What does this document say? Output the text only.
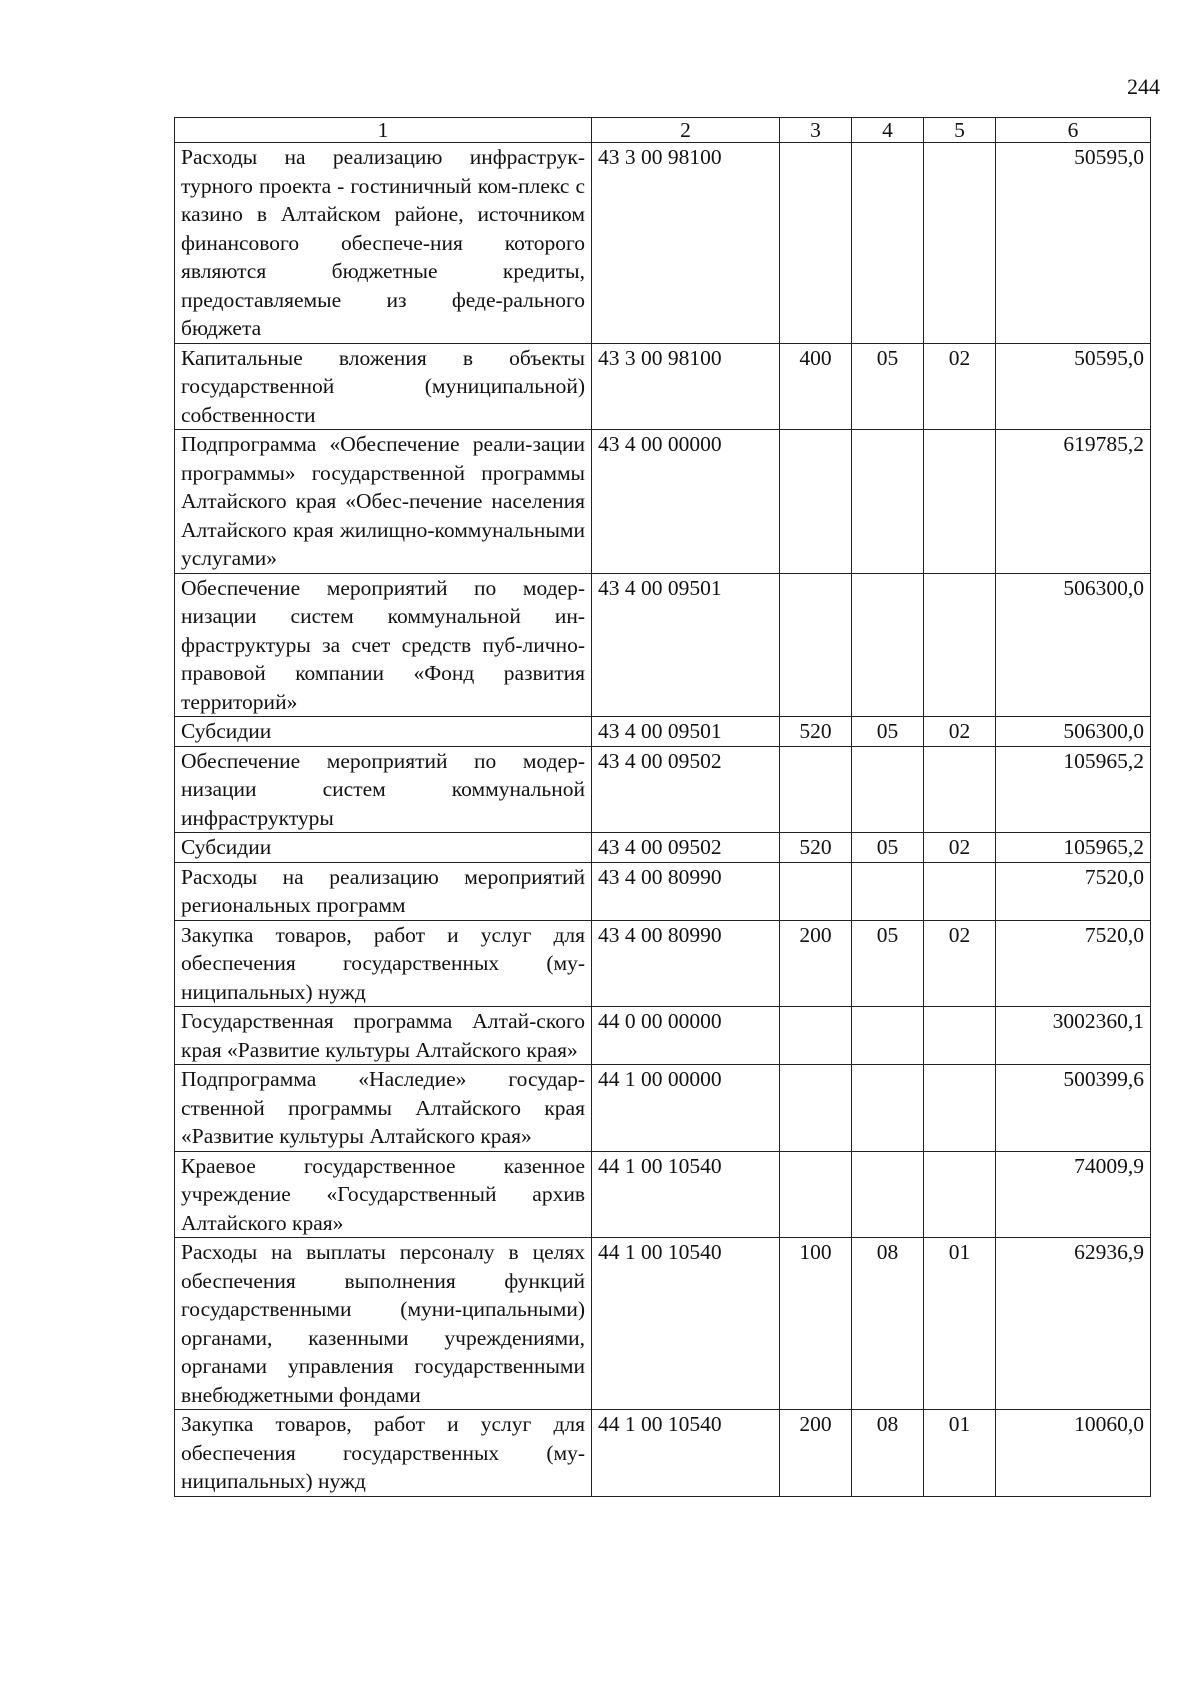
244
1	2	3	4	5	6
Расходы на реализацию инфраструк-турного проекта - гостиничный ком-плекс с казино в Алтайском районе, источником финансового обеспече-ния которого являются бюджетные кредиты, предоставляемые из феде-рального бюджета	43 3 00 98100				50595,0
Капитальные вложения в объекты государственной (муниципальной) собственности	43 3 00 98100	400	05	02	50595,0
Подпрограмма «Обеспечение реали-зации программы» государственной программы Алтайского края «Обес-печение населения Алтайского края жилищно-коммунальными услугами»	43 4 00 00000				619785,2
Обеспечение мероприятий по модер-низации систем коммунальной ин-фраструктуры за счет средств пуб-лично-правовой компании «Фонд развития территорий»	43 4 00 09501				506300,0
Субсидии	43 4 00 09501	520	05	02	506300,0
Обеспечение мероприятий по модер-низации систем коммунальной инфраструктуры	43 4 00 09502				105965,2
Субсидии	43 4 00 09502	520	05	02	105965,2
Расходы на реализацию мероприятий региональных программ	43 4 00 80990				7520,0
Закупка товаров, работ и услуг для обеспечения государственных (му-ниципальных) нужд	43 4 00 80990	200	05	02	7520,0
Государственная программа Алтай-ского края «Развитие культуры Алтайского края»	44 0 00 00000				3002360,1
Подпрограмма «Наследие» государ-ственной программы Алтайского края «Развитие культуры Алтайского края»	44 1 00 00000				500399,6
Краевое государственное казенное учреждение «Государственный архив Алтайского края»	44 1 00 10540				74009,9
Расходы на выплаты персоналу в целях обеспечения выполнения функций государственными (муни-ципальными) органами, казенными учреждениями, органами управления государственными внебюджетными фондами	44 1 00 10540	100	08	01	62936,9
Закупка товаров, работ и услуг для обеспечения государственных (му-ниципальных) нужд	44 1 00 10540	200	08	01	10060,0
